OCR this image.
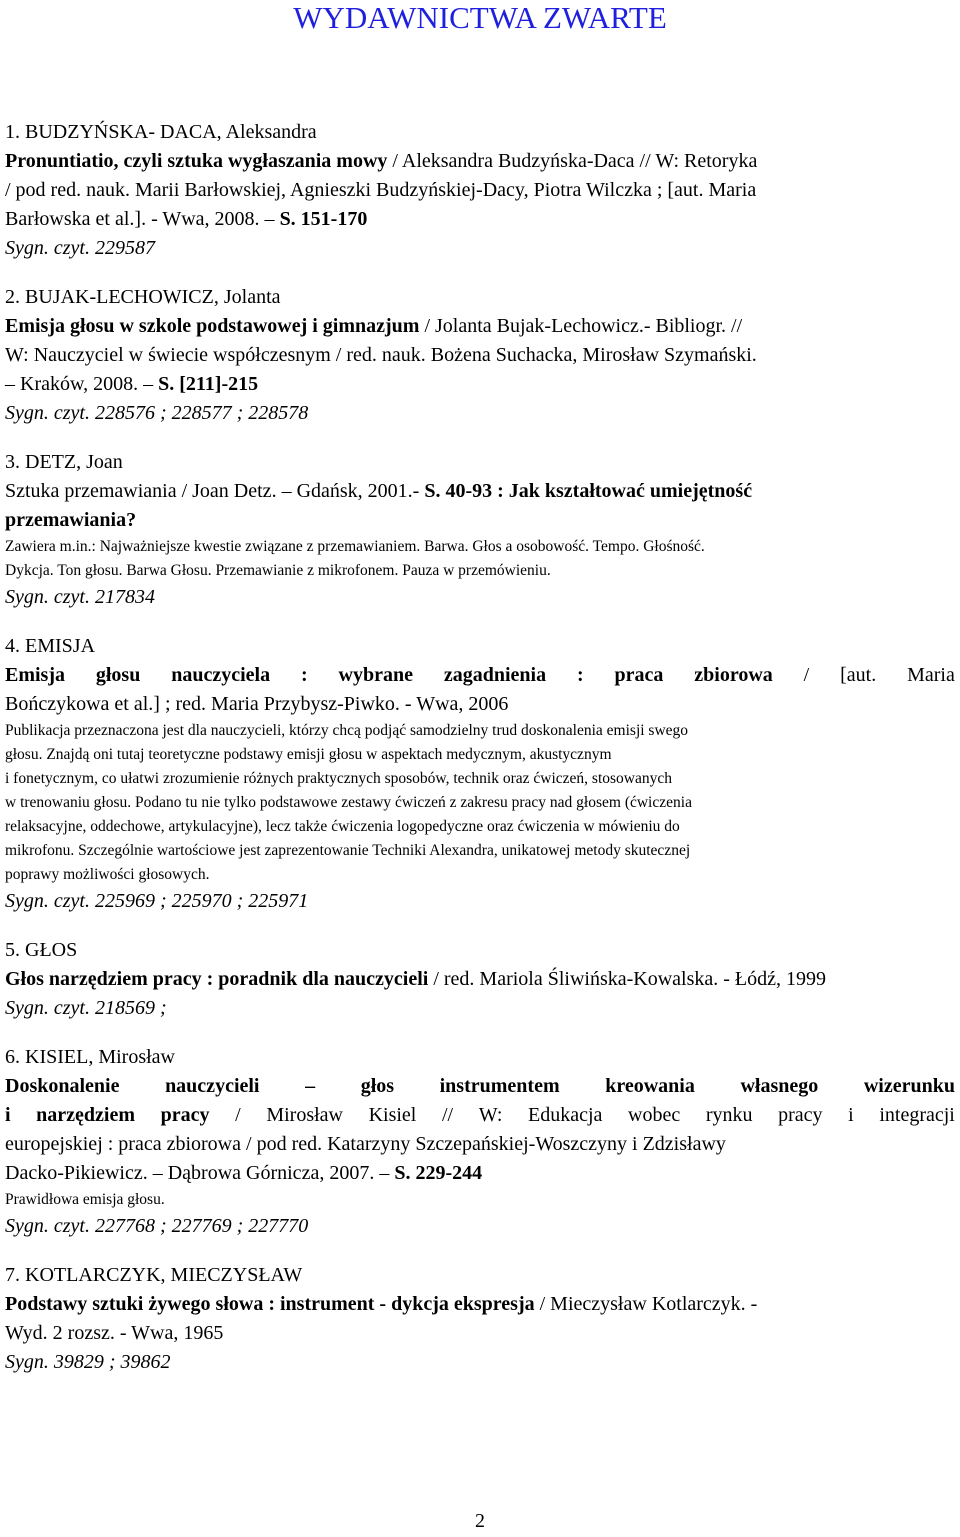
WYDAWNICTWA ZWARTE
1. BUDZYŃSKA- DACA, Aleksandra
Pronuntiatio, czyli sztuka wygłaszania mowy / Aleksandra Budzyńska-Daca // W: Retoryka
/ pod red. nauk. Marii Barłowskiej, Agnieszki Budzyńskiej-Dacy, Piotra Wilczka ; [aut. Maria
Barłowska et al.]. - Wwa, 2008. – S. 151-170
Sygn. czyt. 229587
2. BUJAK-LECHOWICZ, Jolanta
Emisja głosu w szkole podstawowej i gimnazjum / Jolanta Bujak-Lechowicz.- Bibliogr. //
W: Nauczyciel w świecie współczesnym / red. nauk. Bożena Suchacka, Mirosław Szymański.
– Kraków, 2008. – S. [211]-215
Sygn. czyt. 228576 ; 228577 ; 228578
3. DETZ, Joan
Sztuka przemawiania / Joan Detz. – Gdańsk, 2001.- S. 40-93 : Jak kształtować umiejętność
przemawiania?
Zawiera m.in.: Najważniejsze kwestie związane z przemawianiem. Barwa. Głos a osobowość. Tempo. Głośność.
Dykcja. Ton głosu. Barwa Głosu. Przemawianie z mikrofonem. Pauza w przemówieniu.
Sygn. czyt. 217834
4. EMISJA
Emisja głosu nauczyciela : wybrane zagadnienia : praca zbiorowa / [aut. Maria
Bończykowa et al.] ; red. Maria Przybysz-Piwko. - Wwa, 2006
Publikacja przeznaczona jest dla nauczycieli, którzy chcą podjąć samodzielny trud doskonalenia emisji swego
głosu. Znajdą oni tutaj teoretyczne podstawy emisji głosu w aspektach medycznym, akustycznym
i fonetycznym, co ułatwi zrozumienie różnych praktycznych sposobów, technik oraz ćwiczeń, stosowanych
w trenowaniu głosu. Podano tu nie tylko podstawowe zestawy ćwiczeń z zakresu pracy nad głosem (ćwiczenia
relaksacyjne, oddechowe, artykulacyjne), lecz także ćwiczenia logopedyczne oraz ćwiczenia w mówieniu do
mikrofonu. Szczególnie wartościowe jest zaprezentowanie Techniki Alexandra, unikatowej metody skutecznej
poprawy możliwości głosowych.
Sygn. czyt. 225969 ; 225970 ; 225971
5. GŁOS
Głos narzędziem pracy : poradnik dla nauczycieli / red. Mariola Śliwińska-Kowalska. - Łódź, 1999
Sygn. czyt. 218569 ;
6. KISIEL, Mirosław
Doskonalenie nauczycieli – głos instrumentem kreowania własnego wizerunku
i narzędziem pracy / Mirosław Kisiel // W: Edukacja wobec rynku pracy i integracji
europejskiej : praca zbiorowa / pod red. Katarzyny Szczepańskiej-Woszczyny i Zdzisławy
Dacko-Pikiewicz. – Dąbrowa Górnicza, 2007. – S. 229-244
Prawidłowa emisja głosu.
Sygn. czyt. 227768 ; 227769 ; 227770
7. KOTLARCZYK, MIECZYSŁAW
Podstawy sztuki żywego słowa : instrument - dykcja ekspresja / Mieczysław Kotlarczyk. -
Wyd. 2 rozsz. - Wwa, 1965
Sygn. 39829 ; 39862
2
